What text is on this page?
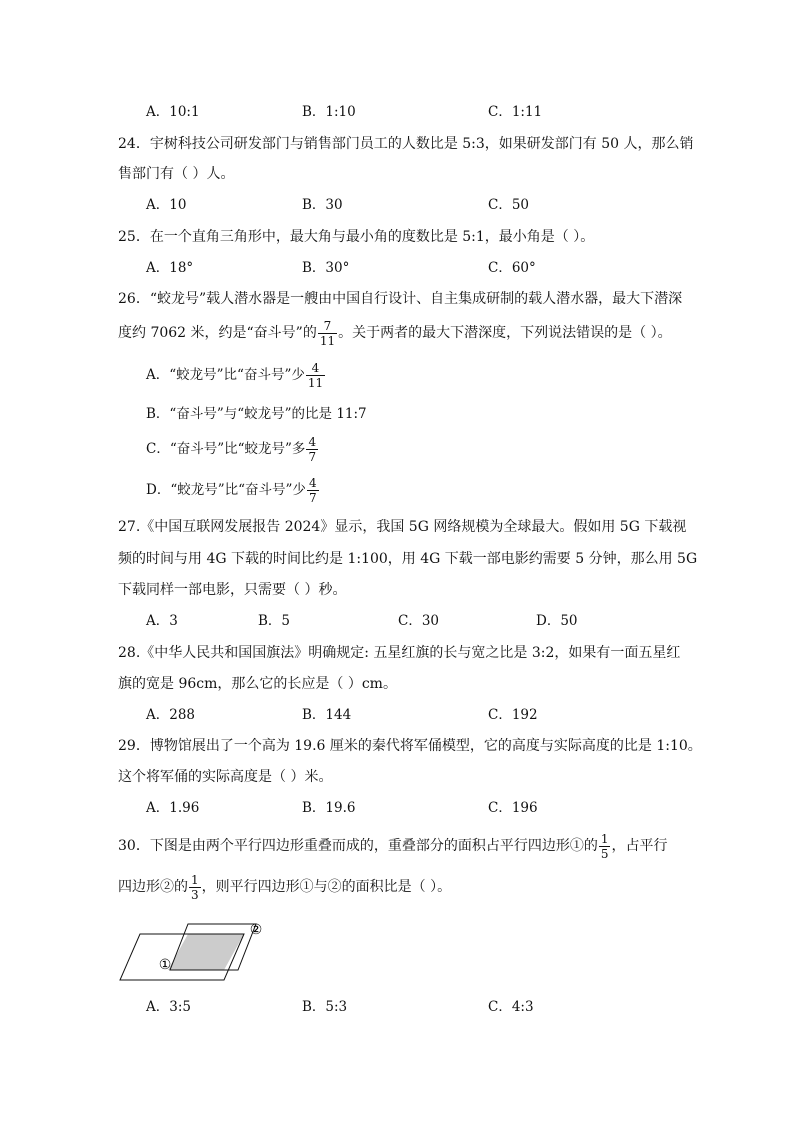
A．10:1	B．1:10	C．1:11
24．宇树科技公司研发部门与销售部门员工的人数比是 5:3，如果研发部门有 50 人，那么销
售部门有（ ）人。
A．10	B．30	C．50
25．在一个直角三角形中，最大角与最小角的度数比是 5:1，最小角是（ ）。
A．18°	B．30°	C．60°
26．“蛟龙号”载人潜水器是一艘由中国自行设计、自主集成研制的载人潜水器，最大下潜深
度约 7062 米，约是“奋斗号”的 $\frac{7}{11}$ 。关于两者的最大下潜深度，下列说法错误的是（ ）。
A．“蛟龙号”比“奋斗号”少 $\frac{4}{11}$
B．“奋斗号”与“蛟龙号”的比是 11:7
C．“奋斗号”比“蛟龙号”多 $\frac{4}{7}$
D．“蛟龙号”比“奋斗号”少 $\frac{4}{7}$
27.《中国互联网发展报告 2024》显示，我国 5G 网络规模为全球最大。假如用 5G 下载视
频的时间与用 4G 下载的时间比约是 1:100，用 4G 下载一部电影约需要 5 分钟，那么用 5G
下载同样一部电影，只需要（ ）秒。
A．3	B．5	C．30	D．50
28.《中华人民共和国国旗法》明确规定: 五星红旗的长与宽之比是 3:2，如果有一面五星红
旗的宽是 96cm，那么它的长应是（ ）cm。
A．288	B．144	C．192
29．博物馆展出了一个高为 19.6 厘米的秦代将军俑模型，它的高度与实际高度的比是 1:10。
这个将军俑的实际高度是（ ）米。
A．1.96	B．19.6	C．196
30．下图是由两个平行四边形重叠而成的，重叠部分的面积占平行四边形①的 $\frac{1}{5}$ ，占平行
四边形②的 $\frac{1}{3}$ ，则平行四边形①与②的面积比是（ ）。
①
②
A．3:5	B．5:3	C．4:3
